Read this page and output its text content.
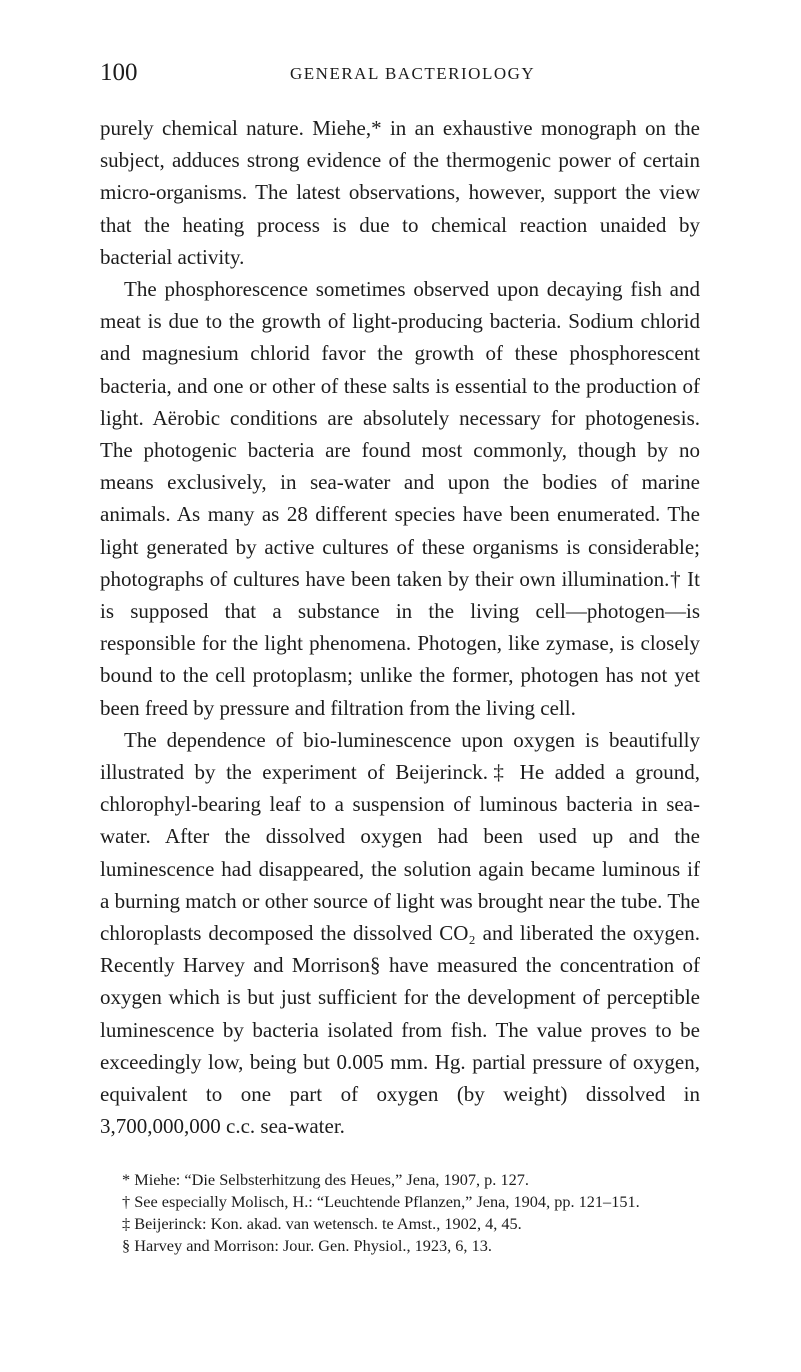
100	GENERAL BACTERIOLOGY

purely chemical nature. Miehe,* in an exhaustive monograph on the subject, adduces strong evidence of the thermogenic power of certain micro-organisms. The latest observations, however, support the view that the heating process is due to chemical reaction unaided by bacterial activity.

The phosphorescence sometimes observed upon decaying fish and meat is due to the growth of light-producing bacteria. Sodium chlorid and magnesium chlorid favor the growth of these phosphorescent bacteria, and one or other of these salts is essential to the production of light. Aërobic conditions are absolutely necessary for photogenesis. The photogenic bacteria are found most commonly, though by no means exclusively, in sea-water and upon the bodies of marine animals. As many as 28 different species have been enumerated. The light generated by active cultures of these organisms is considerable; photographs of cultures have been taken by their own illumination.† It is supposed that a substance in the living cell—photogen—is responsible for the light phenomena. Photogen, like zymase, is closely bound to the cell protoplasm; unlike the former, photogen has not yet been freed by pressure and filtration from the living cell.

The dependence of bio-luminescence upon oxygen is beautifully illustrated by the experiment of Beijerinck.‡ He added a ground, chlorophyl-bearing leaf to a suspension of luminous bacteria in sea-water. After the dissolved oxygen had been used up and the luminescence had disappeared, the solution again became luminous if a burning match or other source of light was brought near the tube. The chloroplasts decomposed the dissolved CO₂ and liberated the oxygen. Recently Harvey and Morrison§ have measured the concentration of oxygen which is but just sufficient for the development of perceptible luminescence by bacteria isolated from fish. The value proves to be exceedingly low, being but 0.005 mm. Hg. partial pressure of oxygen, equivalent to one part of oxygen (by weight) dissolved in 3,700,000,000 c.c. sea-water.

* Miehe: “Die Selbsterhitzung des Heues,” Jena, 1907, p. 127.

† See especially Molisch, H.: “Leuchtende Pflanzen,” Jena, 1904, pp. 121–151.

‡ Beijerinck: Kon. akad. van wetensch. te Amst., 1902, 4, 45.

§ Harvey and Morrison: Jour. Gen. Physiol., 1923, 6, 13.
